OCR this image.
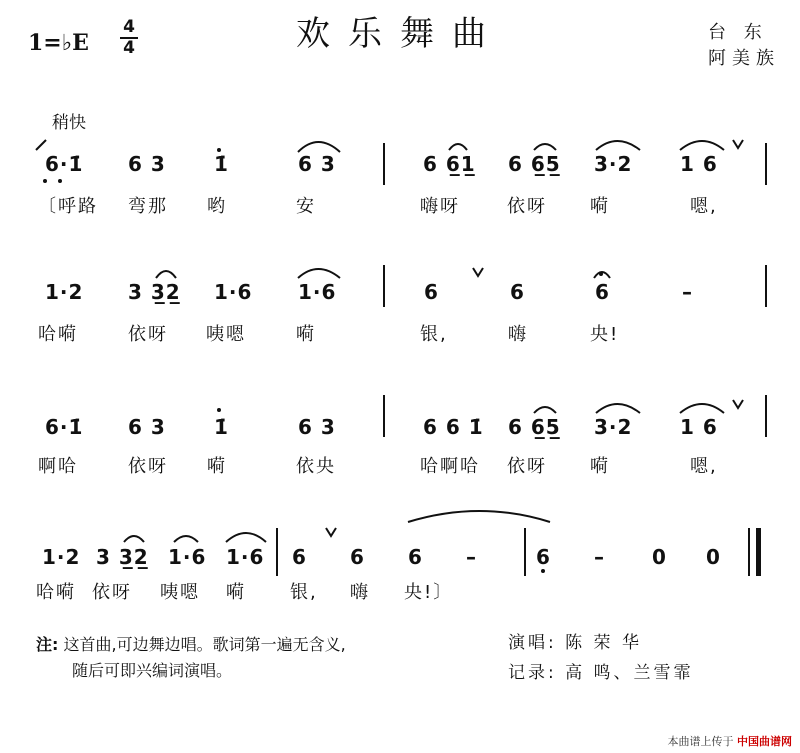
欢乐舞曲
1=♭E
4
4
台 东
阿美族
稍快
6·1̇ 6 3 1̇	6 3	6 6̲1̲ 6 6̲5̲ 3·2 1 6
〔呼路 弯那 哟	安	嗨呀	依呀 嗬	嗯,
1·2 3 3̲2̲ 1·6 1·6	6	6	6	–
哈嗬	依呀 咦嗯	嗬	银,	嗨	央!
6·1̇ 6 3 1̇	6 3	6 6 1̇ 6 6̲5̲ 3·2 1 6
啊哈	依呀 嗬	依央	哈啊哈 依呀 嗬	嗯,
1·2 3 3̲2̲ 1·6 1·6 6 6 6 –	6 – 0 0
哈嗬 依呀 咦嗯 嗬 银, 嗨 央!〕
注: 这首曲,可边舞边唱。歌词第一遍无含义,
随后可即兴编词演唱。
演唱: 陈 荣 华
记录: 高 鸣、兰雪霏
本曲谱上传于 中国曲谱网
